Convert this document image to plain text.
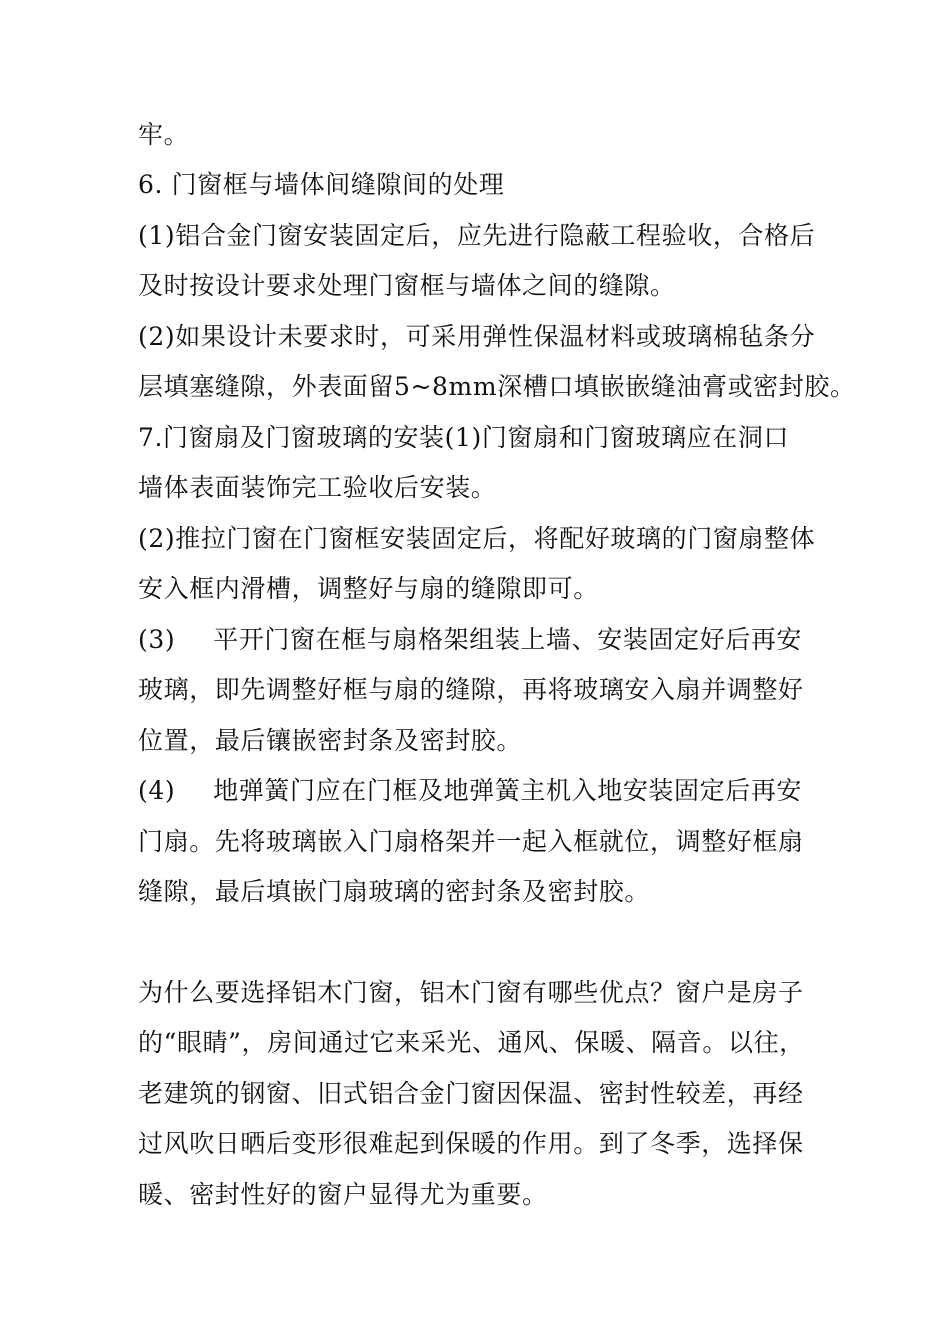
牢。
6. 门窗框与墙体间缝隙间的处理
(1)铝合金门窗安装固定后，应先进行隐蔽工程验收，合格后
及时按设计要求处理门窗框与墙体之间的缝隙。
(2)如果设计未要求时，可采用弹性保温材料或玻璃棉毡条分
层填塞缝隙，外表面留5~8mm深槽口填嵌嵌缝油膏或密封胶。
7.门窗扇及门窗玻璃的安装(1)门窗扇和门窗玻璃应在洞口
墙体表面装饰完工验收后安装。
(2)推拉门窗在门窗框安装固定后，将配好玻璃的门窗扇整体
安入框内滑槽，调整好与扇的缝隙即可。
(3) 平开门窗在框与扇格架组装上墙、安装固定好后再安
玻璃，即先调整好框与扇的缝隙，再将玻璃安入扇并调整好
位置，最后镶嵌密封条及密封胶。
(4) 地弹簧门应在门框及地弹簧主机入地安装固定后再安
门扇。先将玻璃嵌入门扇格架并一起入框就位，调整好框扇
缝隙，最后填嵌门扇玻璃的密封条及密封胶。
为什么要选择铝木门窗，铝木门窗有哪些优点？窗户是房子
的“眼睛”，房间通过它来采光、通风、保暖、隔音。以往，
老建筑的钢窗、旧式铝合金门窗因保温、密封性较差，再经
过风吹日晒后变形很难起到保暖的作用。到了冬季，选择保
暖、密封性好的窗户显得尤为重要。
